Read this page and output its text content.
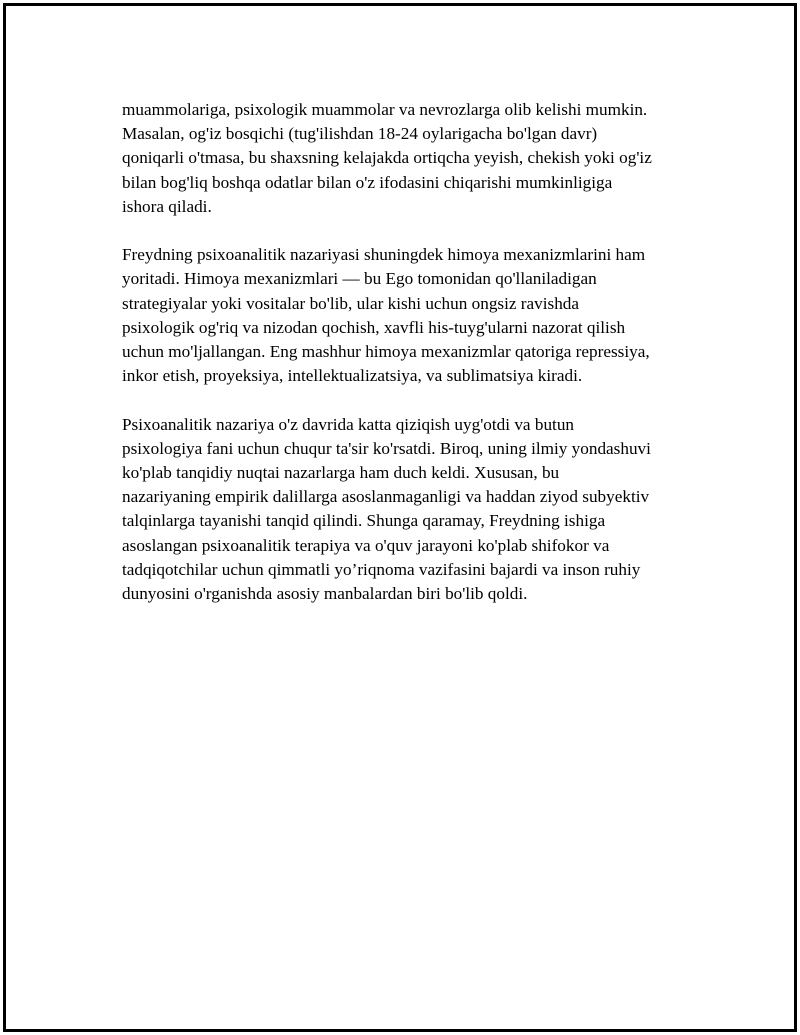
muammolariga, psixologik muammolar va nevrozlarga olib kelishi mumkin.
Masalan, og'iz bosqichi (tug'ilishdan 18-24 oylarigacha bo'lgan davr)
qoniqarli o'tmasa, bu shaxsning kelajakda ortiqcha yeyish, chekish yoki og'iz
bilan bog'liq boshqa odatlar bilan o'z ifodasini chiqarishi mumkinligiga
ishora qiladi.

Freydning psixoanalitik nazariyasi shuningdek himoya mexanizmlarini ham
yoritadi. Himoya mexanizmlari — bu Ego tomonidan qo'llaniladigan
strategiyalar yoki vositalar bo'lib, ular kishi uchun ongsiz ravishda
psixologik og'riq va nizodan qochish, xavfli his-tuyg'ularni nazorat qilish
uchun mo'ljallangan. Eng mashhur himoya mexanizmlar qatoriga repressiya,
inkor etish, proyeksiya, intellektualizatsiya, va sublimatsiya kiradi.

Psixoanalitik nazariya o'z davrida katta qiziqish uyg'otdi va butun
psixologiya fani uchun chuqur ta'sir ko'rsatdi. Biroq, uning ilmiy yondashuvi
ko'plab tanqidiy nuqtai nazarlarga ham duch keldi. Xususan, bu
nazariyaning empirik dalillarga asoslanmaganligi va haddan ziyod subyektiv
talqinlarga tayanishi tanqid qilindi. Shunga qaramay, Freydning ishiga
asoslangan psixoanalitik terapiya va o'quv jarayoni ko'plab shifokor va
tadqiqotchilar uchun qimmatli yo’riqnoma vazifasini bajardi va inson ruhiy
dunyosini o'rganishda asosiy manbalardan biri bo'lib qoldi.
